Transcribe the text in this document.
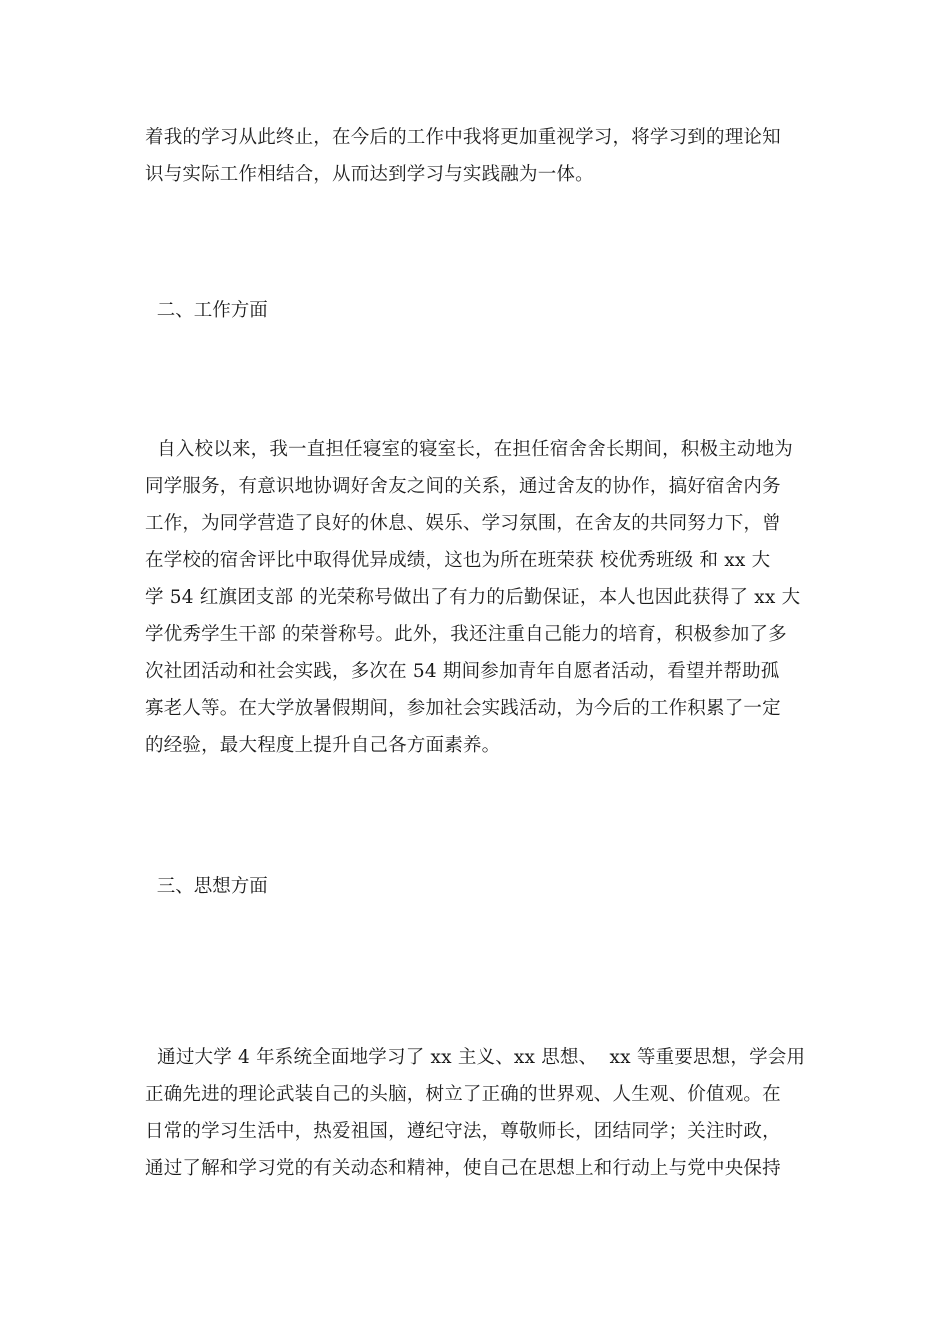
着我的学习从此终止，在今后的工作中我将更加重视学习，将学习到的理论知
识与实际工作相结合，从而达到学习与实践融为一体。
二、工作方面
自入校以来，我一直担任寝室的寝室长，在担任宿舍舍长期间，积极主动地为
同学服务，有意识地协调好舍友之间的关系，通过舍友的协作，搞好宿舍内务
工作，为同学营造了良好的休息、娱乐、学习氛围，在舍友的共同努力下，曾
在学校的宿舍评比中取得优异成绩，这也为所在班荣获 校优秀班级 和 xx 大
学 54 红旗团支部 的光荣称号做出了有力的后勤保证，本人也因此获得了 xx 大
学优秀学生干部 的荣誉称号。此外，我还注重自己能力的培育，积极参加了多
次社团活动和社会实践，多次在 54 期间参加青年自愿者活动，看望并帮助孤
寡老人等。在大学放暑假期间，参加社会实践活动，为今后的工作积累了一定
的经验，最大程度上提升自己各方面素养。
三、思想方面
通过大学 4 年系统全面地学习了 xx 主义、xx 思想、  xx 等重要思想，学会用
正确先进的理论武装自己的头脑，树立了正确的世界观、人生观、价值观。在
日常的学习生活中，热爱祖国，遵纪守法，尊敬师长，团结同学；关注时政，
通过了解和学习党的有关动态和精神，使自己在思想上和行动上与党中央保持
